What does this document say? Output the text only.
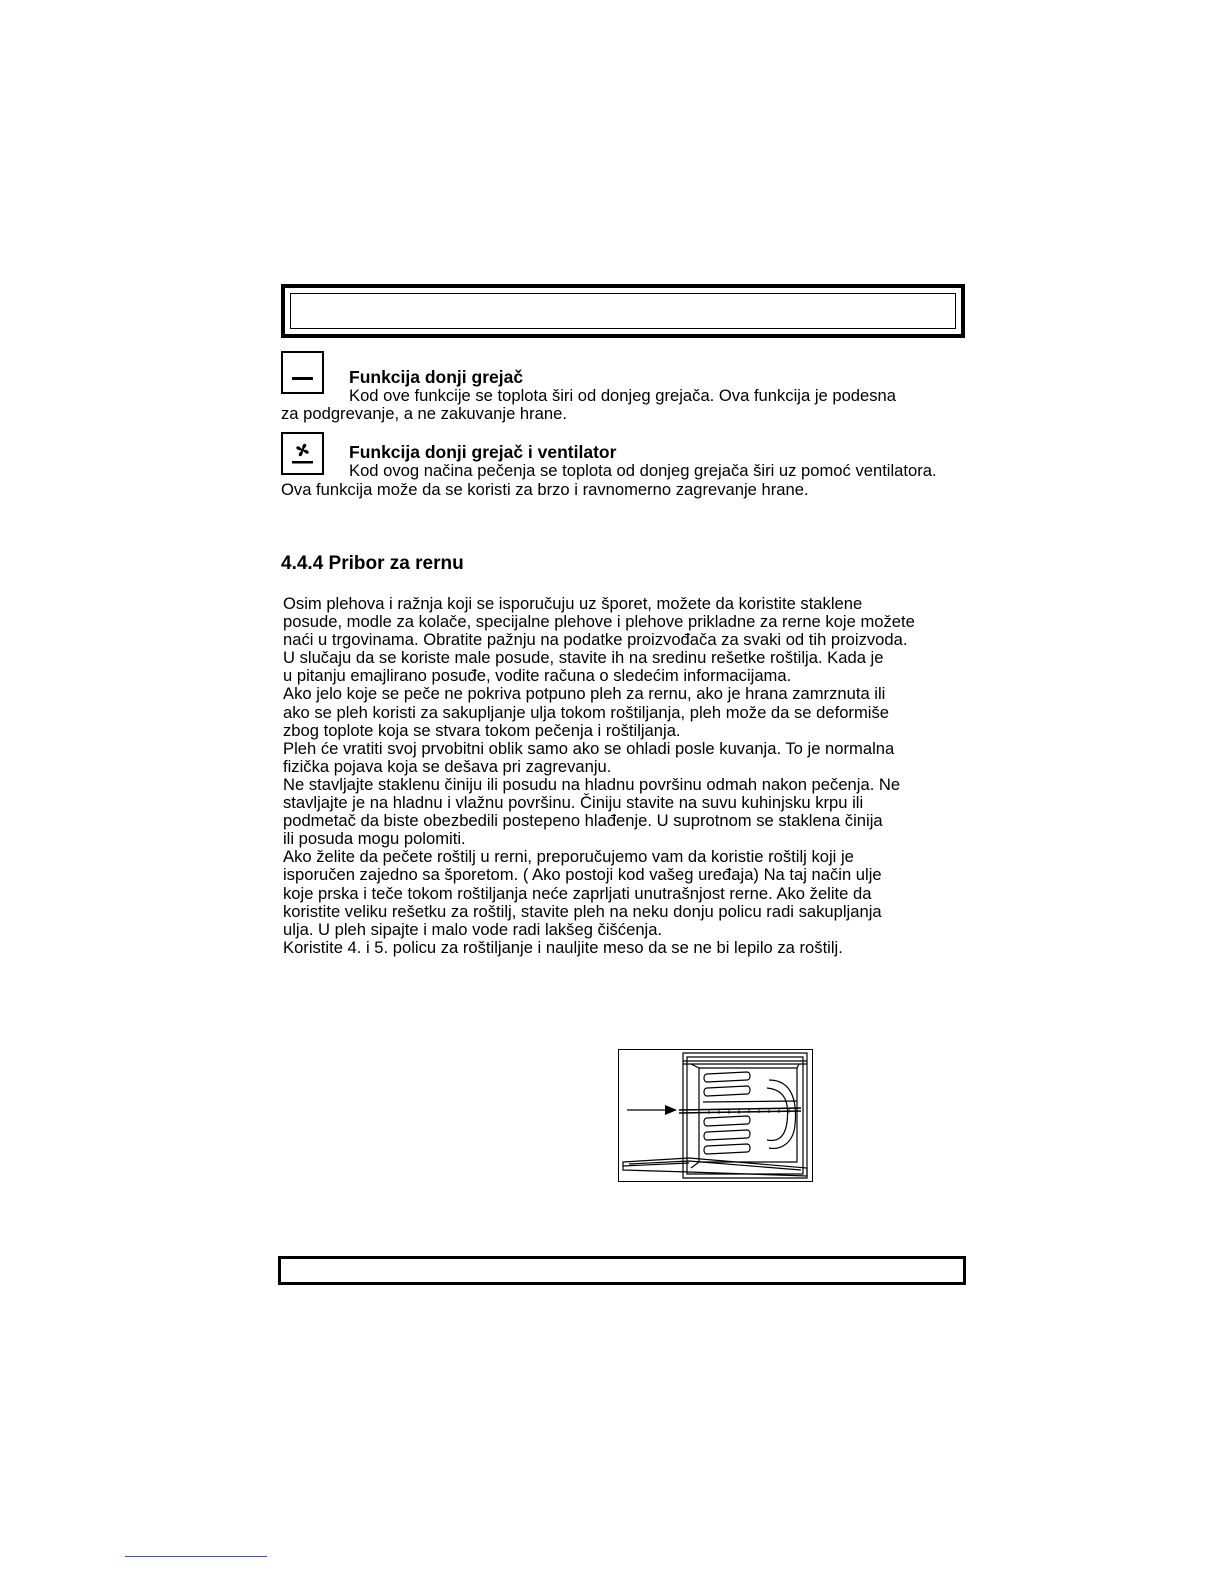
Funkcija donji grejač
Kod ove funkcije se toplota širi od donjeg grejača. Ova funkcija je podesna
za podgrevanje, a ne zakuvanje hrane.
Funkcija donji grejač i ventilator
Kod ovog načina pečenja se toplota od donjeg grejača širi uz pomoć ventilatora.
Ova funkcija može da se koristi za brzo i ravnomerno zagrevanje hrane.
4.4.4 Pribor za rernu
Osim plehova i ražnja koji se isporučuju uz šporet, možete da koristite staklene
posude, modle za kolače, specijalne plehove i plehove prikladne za rerne koje možete
naći u trgovinama. Obratite pažnju na podatke proizvođača za svaki od tih proizvoda.
U slučaju da se koriste male posude, stavite ih na sredinu rešetke roštilja. Kada je
u pitanju emajlirano posuđe, vodite računa o sledećim informacijama.
Ako jelo koje se peče ne pokriva potpuno pleh za rernu, ako je hrana zamrznuta ili
ako se pleh koristi za sakupljanje ulja tokom roštiljanja, pleh može da se deformiše
zbog toplote koja se stvara tokom pečenja i roštiljanja.
Pleh će vratiti svoj prvobitni oblik samo ako se ohladi posle kuvanja. To je normalna
fizička pojava koja se dešava pri zagrevanju.
Ne stavljajte staklenu činiju ili posudu na hladnu površinu odmah nakon pečenja. Ne
stavljajte je na hladnu i vlažnu površinu. Činiju stavite na suvu kuhinjsku krpu ili
podmetač da biste obezbedili postepeno hlađenje. U suprotnom se staklena činija
ili posuda mogu polomiti.
Ako želite da pečete roštilj u rerni, preporučujemo vam da koristie roštilj koji je
isporučen zajedno sa šporetom. ( Ako postoji kod vašeg uređaja) Na taj način ulje
koje prska i teče tokom roštiljanja neće zaprljati unutrašnjost rerne. Ako želite da
koristite veliku rešetku za roštilj, stavite pleh na neku donju policu radi sakupljanja
ulja. U pleh sipajte i malo vode radi lakšeg čišćenja.
Koristite 4. i 5. policu za roštiljanje i nauljite meso da se ne bi lepilo za roštilj.
